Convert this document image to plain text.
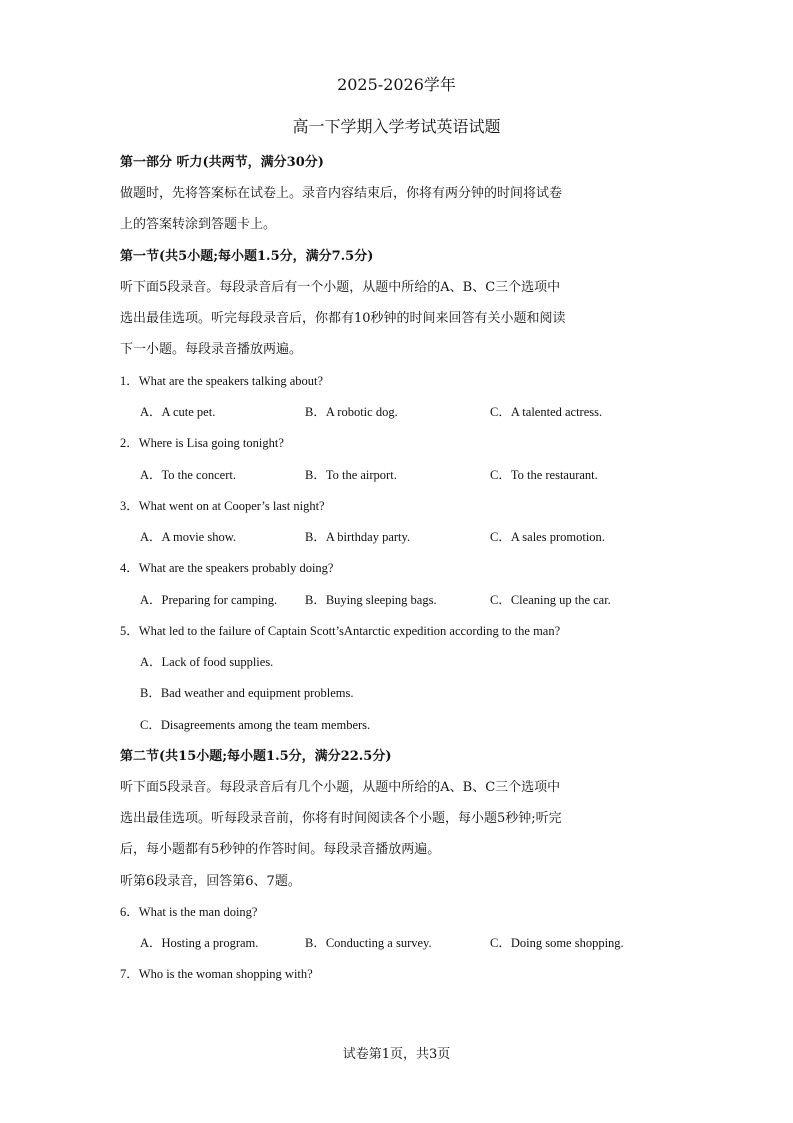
2025-2026学年
高一下学期入学考试英语试题
第一部分 听力(共两节，满分30分)
做题时，先将答案标在试卷上。录音内容结束后，你将有两分钟的时间将试卷
上的答案转涂到答题卡上。
第一节(共5小题;每小题1.5分，满分7.5分)
听下面5段录音。每段录音后有一个小题，从题中所给的A、B、C三个选项中
选出最佳选项。听完每段录音后，你都有10秒钟的时间来回答有关小题和阅读
下一小题。每段录音播放两遍。
1．What are the speakers talking about?
A．A cute pet.	B．A robotic dog.	C．A talented actress.
2．Where is Lisa going tonight?
A．To the concert.	B．To the airport.	C．To the restaurant.
3．What went on at Cooper’s last night?
A．A movie show.	B．A birthday party.	C．A sales promotion.
4．What are the speakers probably doing?
A．Preparing for camping. B．Buying sleeping bags.	C．Cleaning up the car.
5．What led to the failure of Captain Scott’sAntarctic expedition according to the man?
A．Lack of food supplies.
B．Bad weather and equipment problems.
C．Disagreements among the team members.
第二节(共15小题;每小题1.5分，满分22.5分)
听下面5段录音。每段录音后有几个小题，从题中所给的A、B、C三个选项中
选出最佳选项。听每段录音前，你将有时间阅读各个小题，每小题5秒钟;听完
后，每小题都有5秒钟的作答时间。每段录音播放两遍。
听第6段录音，回答第6、7题。
6．What is the man doing?
A．Hosting a program.	B．Conducting a survey.	C．Doing some shopping.
7．Who is the woman shopping with?
试卷第1页，共3页
